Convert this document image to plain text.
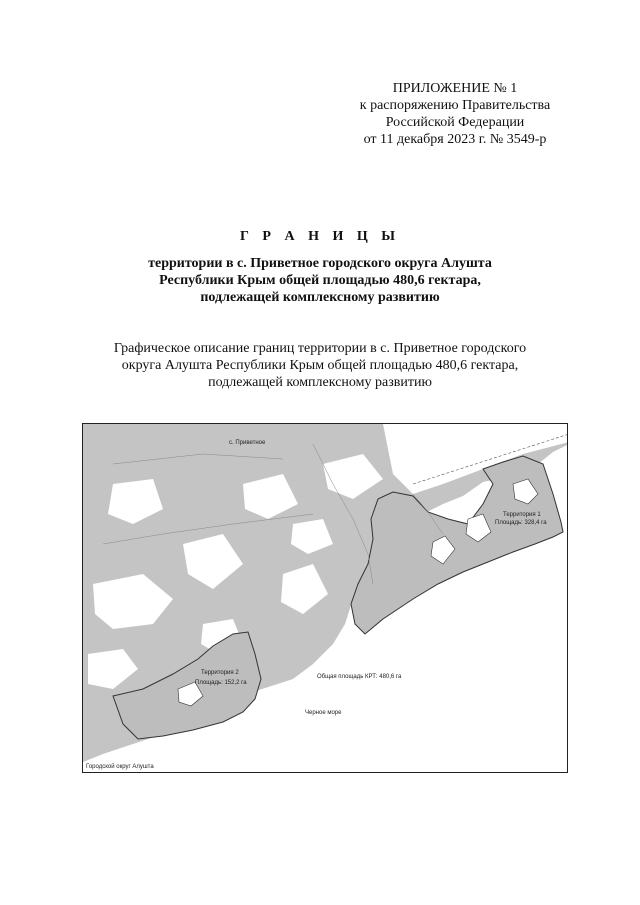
ПРИЛОЖЕНИЕ № 1
к распоряжению Правительства
Российской Федерации
от 11 декабря 2023 г. № 3549-р
Г Р А Н И Ц Ы
территории в с. Приветное городского округа Алушта
Республики Крым общей площадью 480,6 гектара,
подлежащей комплексному развитию
Графическое описание границ территории в с. Приветное городского
округа Алушта Республики Крым общей площадью 480,6 гектара,
подлежащей комплексному развитию
с. Приветное
Территория 1
Площадь: 328,4 га
Территория 2
Площадь: 152,2 га
Общая площадь КРТ: 480,6 га
Черное море
Городской округ Алушта
